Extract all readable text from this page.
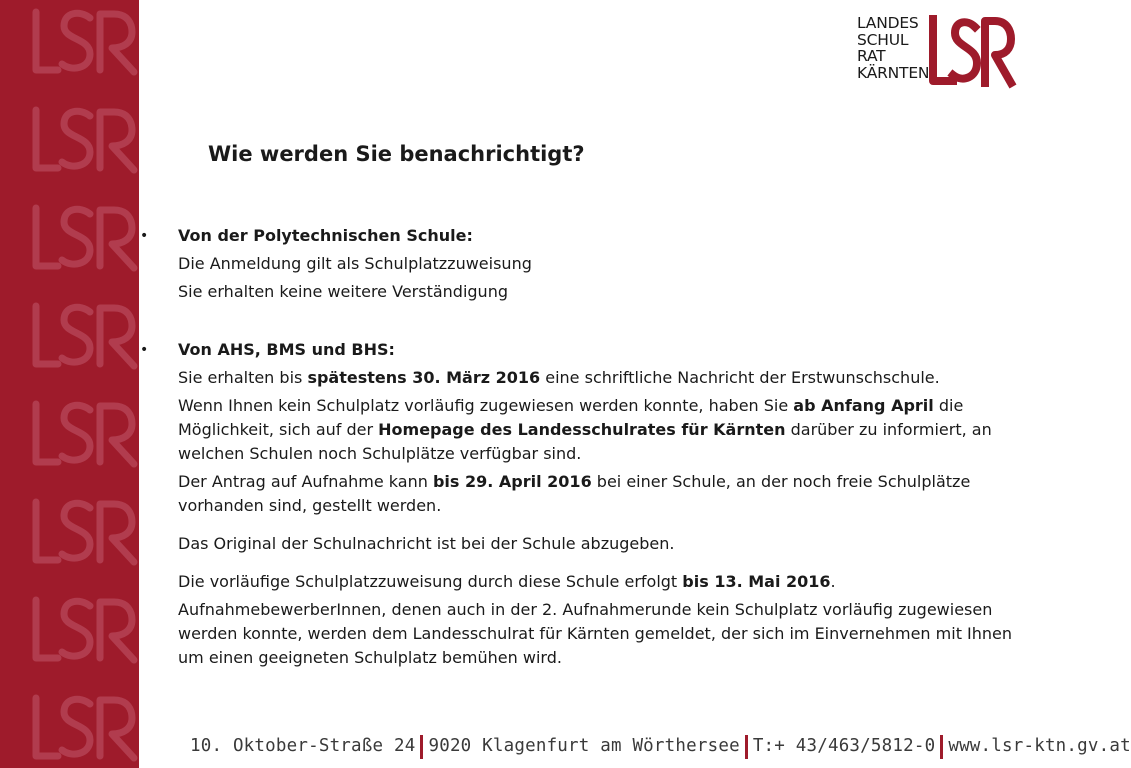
LANDES
SCHUL
RAT
KÄRNTEN
Wie werden Sie benachrichtigt?

• Von der Polytechnischen Schule:

Die Anmeldung gilt als Schulplatzzuweisung

Sie erhalten keine weitere Verständigung

• Von AHS, BMS und BHS:

Sie erhalten bis spätestens 30. März 2016 eine schriftliche Nachricht der Erstwunschschule.

Wenn Ihnen kein Schulplatz vorläufig zugewiesen werden konnte, haben Sie ab Anfang April die Möglichkeit, sich auf der Homepage des Landesschulrates für Kärnten darüber zu informiert, an welchen Schulen noch Schulplätze verfügbar sind.

Der Antrag auf Aufnahme kann bis 29. April 2016 bei einer Schule, an der noch freie Schulplätze vorhanden sind, gestellt werden.

Das Original der Schulnachricht ist bei der Schule abzugeben.

Die vorläufige Schulplatzzuweisung durch diese Schule erfolgt bis 13. Mai 2016.

AufnahmebewerberInnen, denen auch in der 2. Aufnahmerunde kein Schulplatz vorläufig zugewiesen werden konnte, werden dem Landesschulrat für Kärnten gemeldet, der sich im Einvernehmen mit Ihnen um einen geeigneten Schulplatz bemühen wird.

10. Oktober-Straße 24 9020 Klagenfurt am Wörthersee T:+ 43/463/5812-0 www.lsr-ktn.gv.at
